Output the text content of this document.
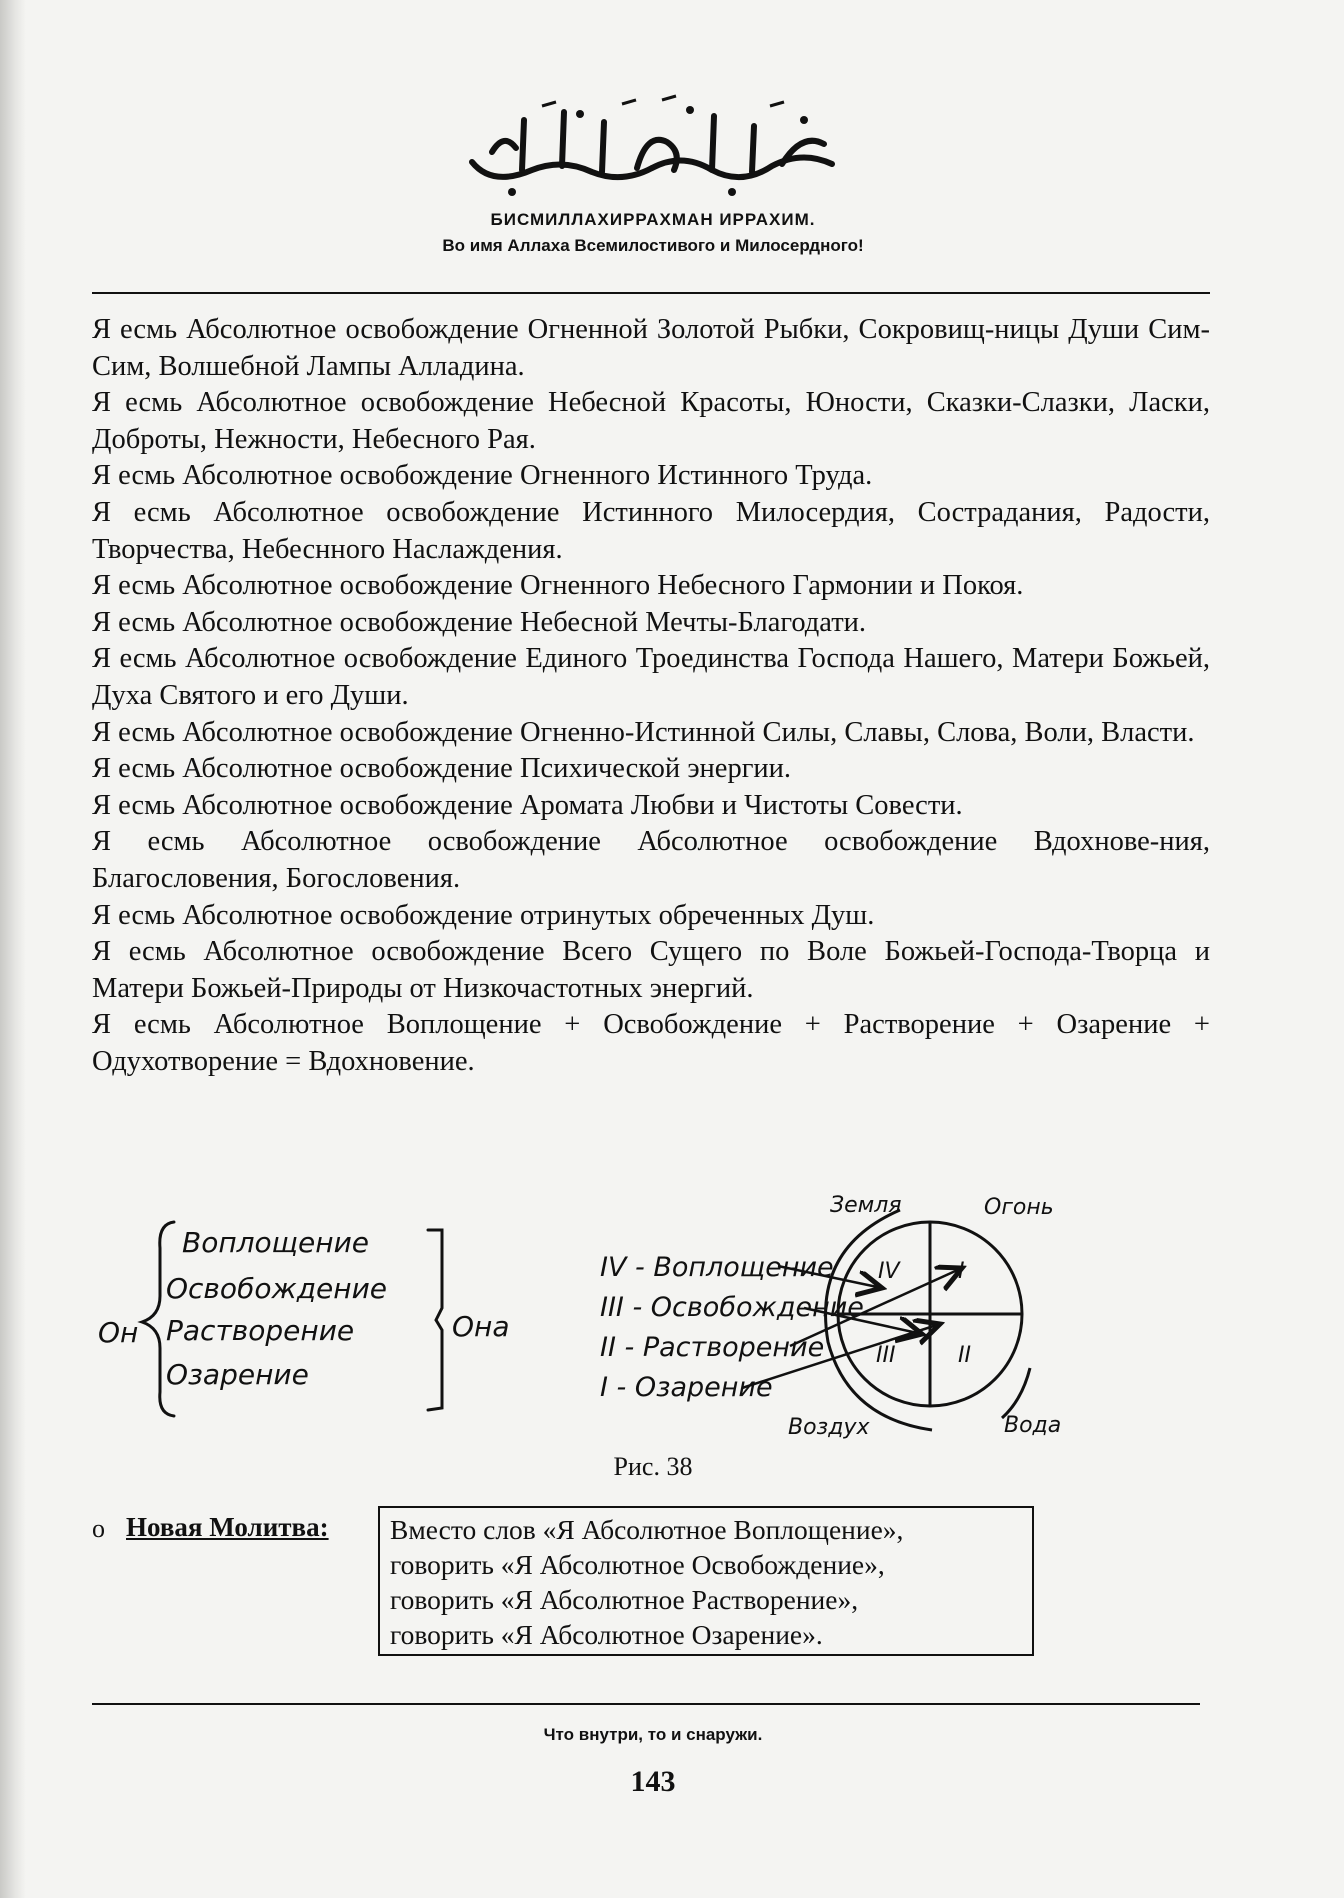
БИСМИЛЛАХИРРАХМАН ИРРАХИМ.
Во имя Аллаха Всемилостивого и Милосердного!

Я есмь Абсолютное освобождение Огненной Золотой Рыбки, Сокровищ-ницы Души Сим-Сим, Волшебной Лампы Алладина.

Я есмь Абсолютное освобождение Небесной Красоты, Юности, Сказки-Слазки, Ласки, Доброты, Нежности, Небесного Рая.

Я есмь Абсолютное освобождение Огненного Истинного Труда.

Я есмь Абсолютное освобождение Истинного Милосердия, Сострадания, Радости, Творчества, Небеснного Наслаждения.

Я есмь Абсолютное освобождение Огненного Небесного Гармонии и Покоя.

Я есмь Абсолютное освобождение Небесной Мечты-Благодати.

Я есмь Абсолютное освобождение Единого Троединства Господа Нашего, Матери Божьей, Духа Святого и его Души.

Я есмь Абсолютное освобождение Огненно-Истинной Силы, Славы, Слова, Воли, Власти.

Я есмь Абсолютное освобождение Психической энергии.

Я есмь Абсолютное освобождение Аромата Любви и Чистоты Совести.

Я есмь Абсолютное освобождение Абсолютное освобождение Вдохнове-ния, Благословения, Богословения.

Я есмь Абсолютное освобождение отринутых обреченных Душ.

Я есмь Абсолютное освобождение Всего Сущего по Воле Божьей-Господа-Творца и Матери Божьей-Природы от Низкочастотных энергий.

Я есмь Абсолютное Воплощение + Освобождение + Растворение + Озарение + Одухотворение = Вдохновение.

Он
Воплощение
Освобождение
Растворение
Озарение
Она
IV - Воплощение
III - Освобождение
II - Растворение
I - Озарение
IV	I
III	II
Земля	Огонь
Воздух	Вода
Рис. 38
o Новая Молитва: Вместо слов «Я Абсолютное Воплощение»,
говорить «Я Абсолютное Освобождение»,
говорить «Я Абсолютное Растворение»,
говорить «Я Абсолютное Озарение».
Что внутри, то и снаружи.
143
